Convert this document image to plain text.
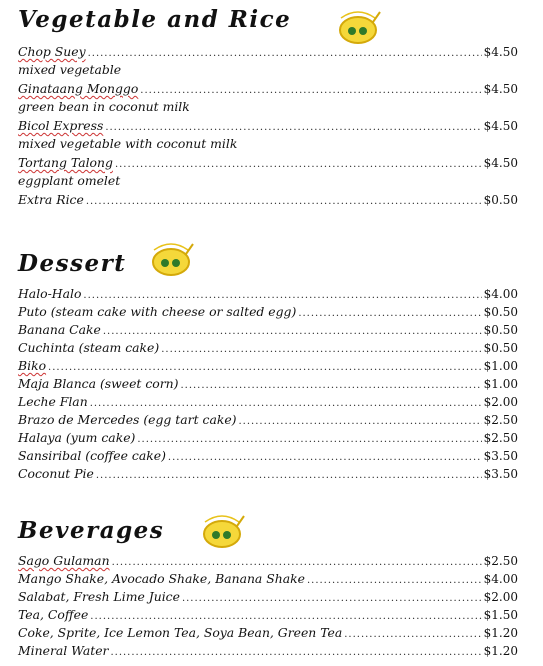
Vegetable and Rice
Chop Suey .....	$4.50
mixed vegetable
Ginataang Monggo .....	$4.50
green bean in coconut milk
Bicol Express .....	$4.50
mixed vegetable with coconut milk
Tortang Talong .....	$4.50
eggplant omelet
Extra Rice .....	$0.50
Dessert
Halo-Halo .....	$4.00
Puto (steam cake with cheese or salted egg) .....	$0.50
Banana Cake .....	$0.50
Cuchinta (steam cake) .....	$0.50
Biko .....	$1.00
Maja Blanca (sweet corn) .....	$1.00
Leche Flan .....	$2.00
Brazo de Mercedes (egg tart cake) .....	$2.50
Halaya (yum cake) .....	$2.50
Sansiribal (coffee cake) .....	$3.50
Coconut Pie .....	$3.50
Beverages
Sago Gulaman .....	$2.50
Mango Shake, Avocado Shake, Banana Shake .....	$4.00
Salabat, Fresh Lime Juice .....	$2.00
Tea, Coffee .....	$1.50
Coke, Sprite, Ice Lemon Tea, Soya Bean, Green Tea .....	$1.20
Mineral Water .....	$1.20
